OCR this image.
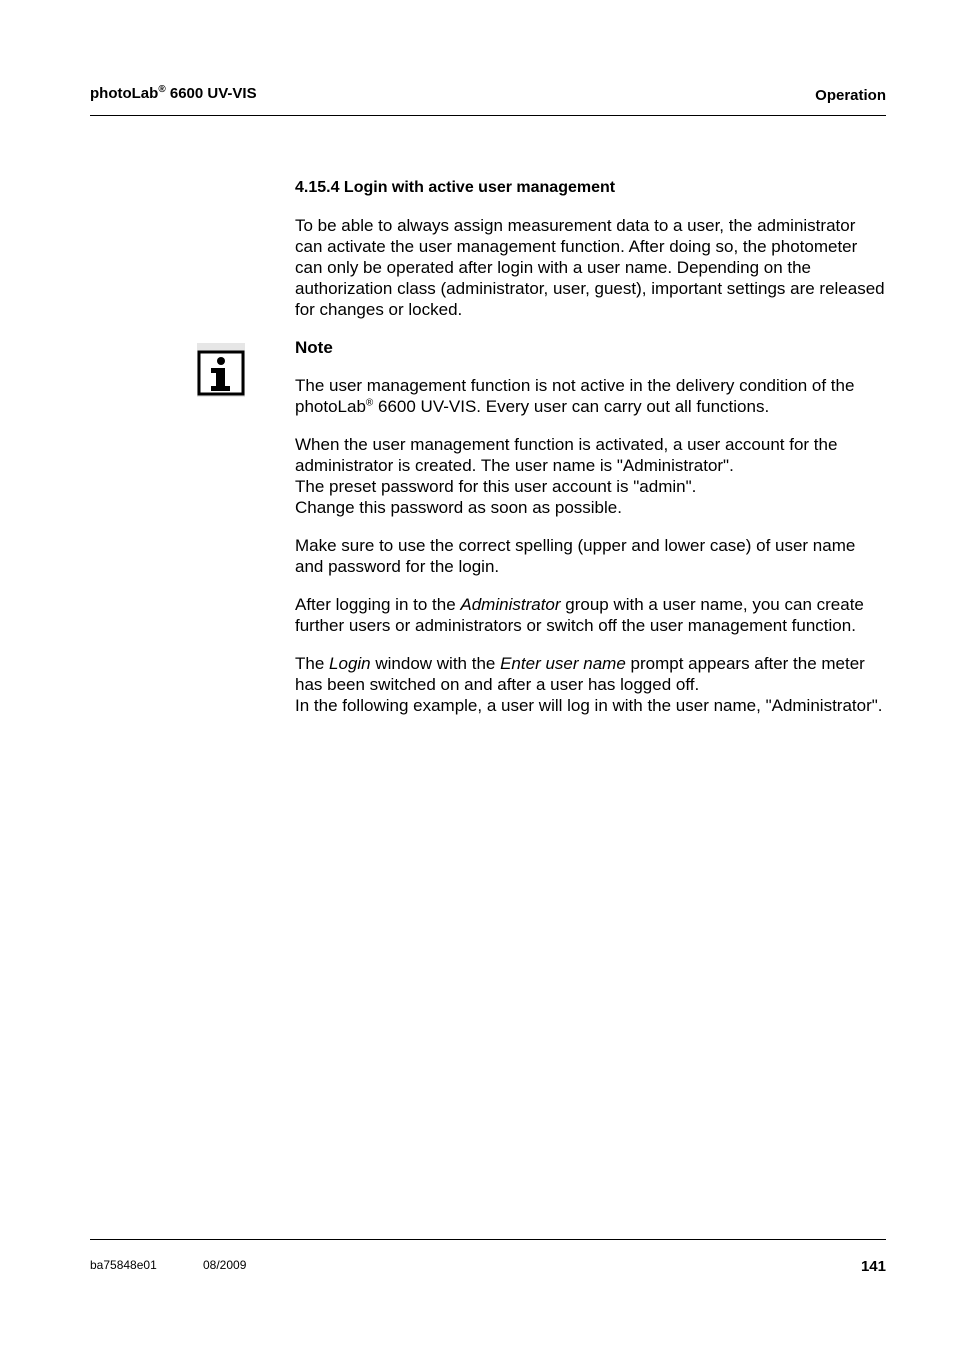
photoLab® 6600 UV-VIS	Operation

4.15.4 Login with active user management

To be able to always assign measurement data to a user, the administrator can activate the user management function. After doing so, the photometer can only be operated after login with a user name. Depending on the authorization class (administrator, user, guest), important settings are released for changes or locked.

Note

The user management function is not active in the delivery condition of the photoLab® 6600 UV-VIS. Every user can carry out all functions.

When the user management function is activated, a user account for the administrator is created. The user name is "Administrator".
The preset password for this user account is "admin".
Change this password as soon as possible.

Make sure to use the correct spelling (upper and lower case) of user name and password for the login.

After logging in to the Administrator group with a user name, you can create further users or administrators or switch off the user management function.

The Login window with the Enter user name prompt appears after the meter has been switched on and after a user has logged off.
In the following example, a user will log in with the user name, "Administrator".

ba75848e01	08/2009	141
